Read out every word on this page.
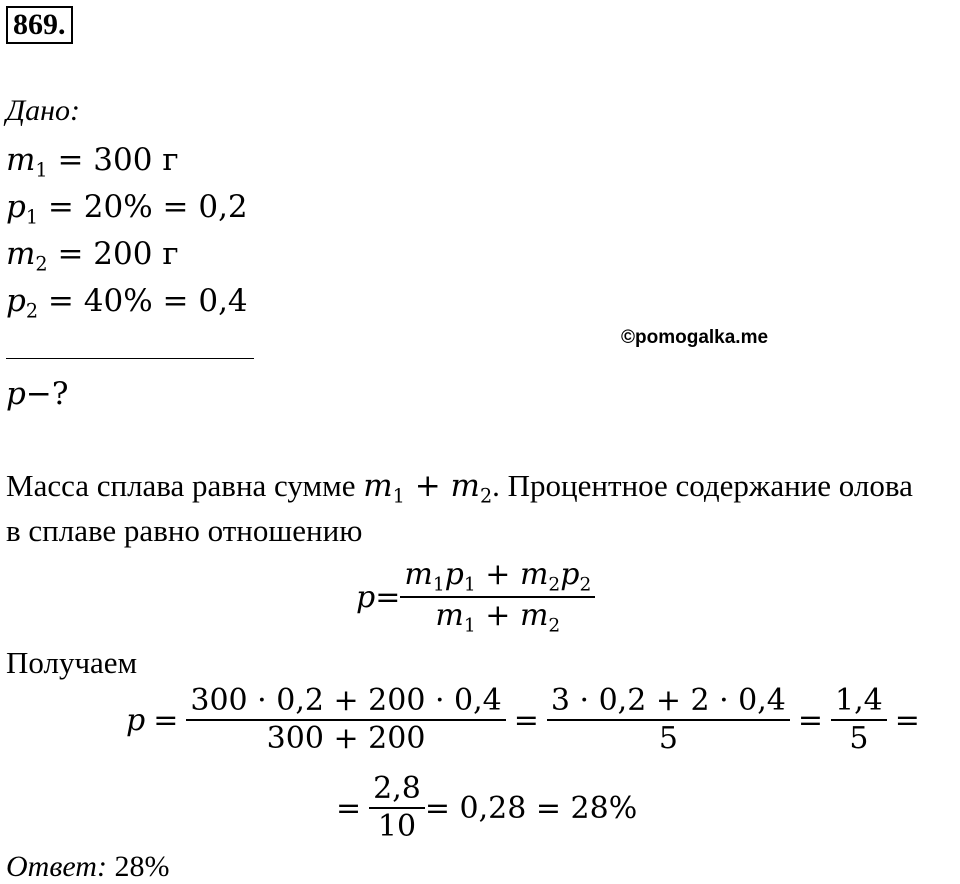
869.
Дано:
$m_1 = 300$ г
$p_1 = 20\% = 0,2$
$m_2 = 200$ г
$p_2 = 40\% = 0,4$
©pomogalka.me
p−?
Масса сплава равна сумме $m_1 + m_2$. Процентное содержание олова
в сплаве равно отношению
$p = \frac{m_1p_1 + m_2p_2}{m_1 + m_2}$
Получаем
$p = \frac{300 \cdot 0,2 + 200 \cdot 0,4}{300 + 200} = \frac{3 \cdot 0,2 + 2 \cdot 0,4}{5} = \frac{1,4}{5}$ =
= $\frac{2,8}{10} = 0,28 = 28\%$
Ответ: 28%
